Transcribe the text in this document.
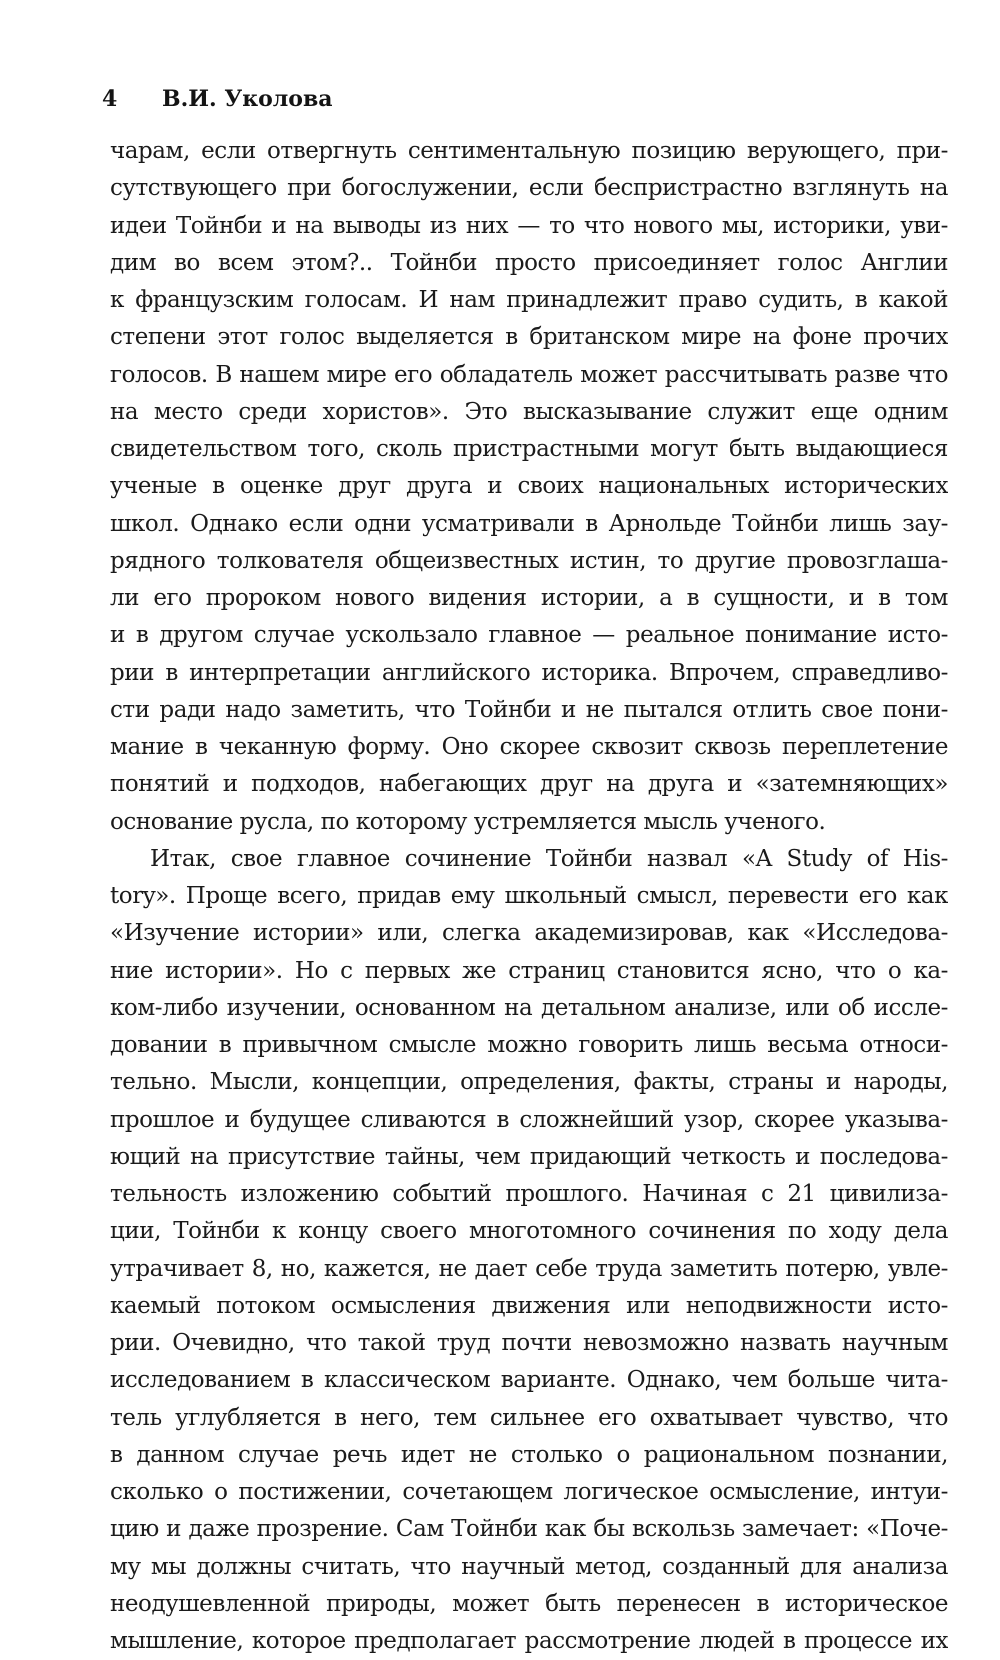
4	В.И. Уколова
чарам, если отвергнуть сентиментальную позицию верующего, при-
сутствующего при богослужении, если беспристрастно взглянуть на
идеи Тойнби и на выводы из них — то что нового мы, историки, уви-
дим во всем этом?.. Тойнби просто присоединяет голос Англии
к французским голосам. И нам принадлежит право судить, в какой
степени этот голос выделяется в британском мире на фоне прочих
голосов. В нашем мире его обладатель может рассчитывать разве что
на место среди хористов». Это высказывание служит еще одним
свидетельством того, сколь пристрастными могут быть выдающиеся
ученые в оценке друг друга и своих национальных исторических
школ. Однако если одни усматривали в Арнольде Тойнби лишь зау-
рядного толкователя общеизвестных истин, то другие провозглаша-
ли его пророком нового видения истории, а в сущности, и в том
и в другом случае ускользало главное — реальное понимание исто-
рии в интерпретации английского историка. Впрочем, справедливо-
сти ради надо заметить, что Тойнби и не пытался отлить свое пони-
мание в чеканную форму. Оно скорее сквозит сквозь переплетение
понятий и подходов, набегающих друг на друга и «затемняющих»
основание русла, по которому устремляется мысль ученого.
Итак, свое главное сочинение Тойнби назвал «A Study of His-
tory». Проще всего, придав ему школьный смысл, перевести его как
«Изучение истории» или, слегка академизировав, как «Исследова-
ние истории». Но с первых же страниц становится ясно, что о ка-
ком-либо изучении, основанном на детальном анализе, или об иссле-
довании в привычном смысле можно говорить лишь весьма относи-
тельно. Мысли, концепции, определения, факты, страны и народы,
прошлое и будущее сливаются в сложнейший узор, скорее указыва-
ющий на присутствие тайны, чем придающий четкость и последова-
тельность изложению событий прошлого. Начиная с 21 цивилиза-
ции, Тойнби к концу своего многотомного сочинения по ходу дела
утрачивает 8, но, кажется, не дает себе труда заметить потерю, увле-
каемый потоком осмысления движения или неподвижности исто-
рии. Очевидно, что такой труд почти невозможно назвать научным
исследованием в классическом варианте. Однако, чем больше чита-
тель углубляется в него, тем сильнее его охватывает чувство, что
в данном случае речь идет не столько о рациональном познании,
сколько о постижении, сочетающем логическое осмысление, интуи-
цию и даже прозрение. Сам Тойнби как бы вскользь замечает: «Поче-
му мы должны считать, что научный метод, созданный для анализа
неодушевленной природы, может быть перенесен в историческое
мышление, которое предполагает рассмотрение людей в процессе их
